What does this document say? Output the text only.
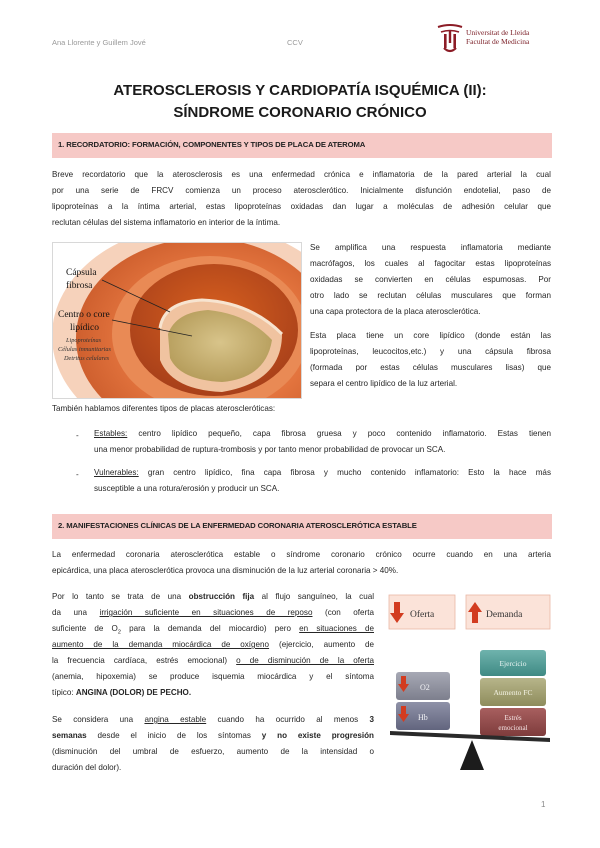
Ana Llorente y Guillem Jové	CCV
Universitat de Lleida
Facultat de Medicina
ATEROSCLEROSIS Y CARDIOPATÍA ISQUÉMICA (II):
SÍNDROME CORONARIO CRÓNICO
1. RECORDATORIO: FORMACIÓN, COMPONENTES Y TIPOS DE PLACA DE ATEROMA
Breve recordatorio que la aterosclerosis es una enfermedad crónica e inflamatoria de la pared arterial la cual
por una serie de FRCV comienza un proceso aterosclerótico. Inicialmente disfunción endotelial, paso de
lipoproteínas a la íntima arterial, estas lipoproteínas oxidadas dan lugar a moléculas de adhesión celular que
reclutan células del sistema inflamatorio en interior de la íntima.
Cápsula
fibrosa
Centro o core
lipídico
Lipoproteínas
Células inmunitarias
Detritus celulares
Se amplifica una respuesta inflamatoria mediante
macrófagos, los cuales al fagocitar estas lipoproteínas
oxidadas se convierten en células espumosas. Por
otro lado se reclutan células musculares que forman
una capa protectora de la placa aterosclerótica.
Esta placa tiene un core lipídico (donde están las
lipoproteínas, leucocitos,etc.) y una cápsula fibrosa
(formada por estas células musculares lisas) que
separa el centro lipídico de la luz arterial.
También hablamos diferentes tipos de placas ateroscleróticas:
- Estables: centro lipídico pequeño, capa fibrosa gruesa y poco contenido inflamatorio. Estas tienen
una menor probabilidad de ruptura-trombosis y por tanto menor probabilidad de provocar un SCA.
- Vulnerables: gran centro lipídico, fina capa fibrosa y mucho contenido inflamatorio: Esto la hace más
susceptible a una rotura/erosión y producir un SCA.
2. MANIFESTACIONES CLÍNICAS DE LA ENFERMEDAD CORONARIA ATEROSCLERÓTICA ESTABLE
La enfermedad coronaria aterosclerótica estable o síndrome coronario crónico ocurre cuando en una arteria
epicárdica, una placa aterosclerótica provoca una disminución de la luz arterial coronaria > 40%.
Por lo tanto se trata de una obstrucción fija al flujo sanguíneo, la cual
da una irrigación suficiente en situaciones de reposo (con oferta
suficiente de $O_2$ para la demanda del miocardio) pero en situaciones de
aumento de la demanda miocárdica de oxígeno (ejercicio, aumento de
la frecuencia cardíaca, estrés emocional) o de disminución de la oferta
(anemia, hipoxemia) se produce isquemia miocárdica y el síntoma
típico: ANGINA (DOLOR) DE PECHO.
Se considera una angina estable cuando ha ocurrido al menos 3
semanas desde el inicio de los síntomas y no existe progresión
(disminución del umbral de esfuerzo, aumento de la intensidad o
duración del dolor).
Oferta	Demanda
Ejercicio
Aumento FC
Estrés
emocional
O2
Hb
1
